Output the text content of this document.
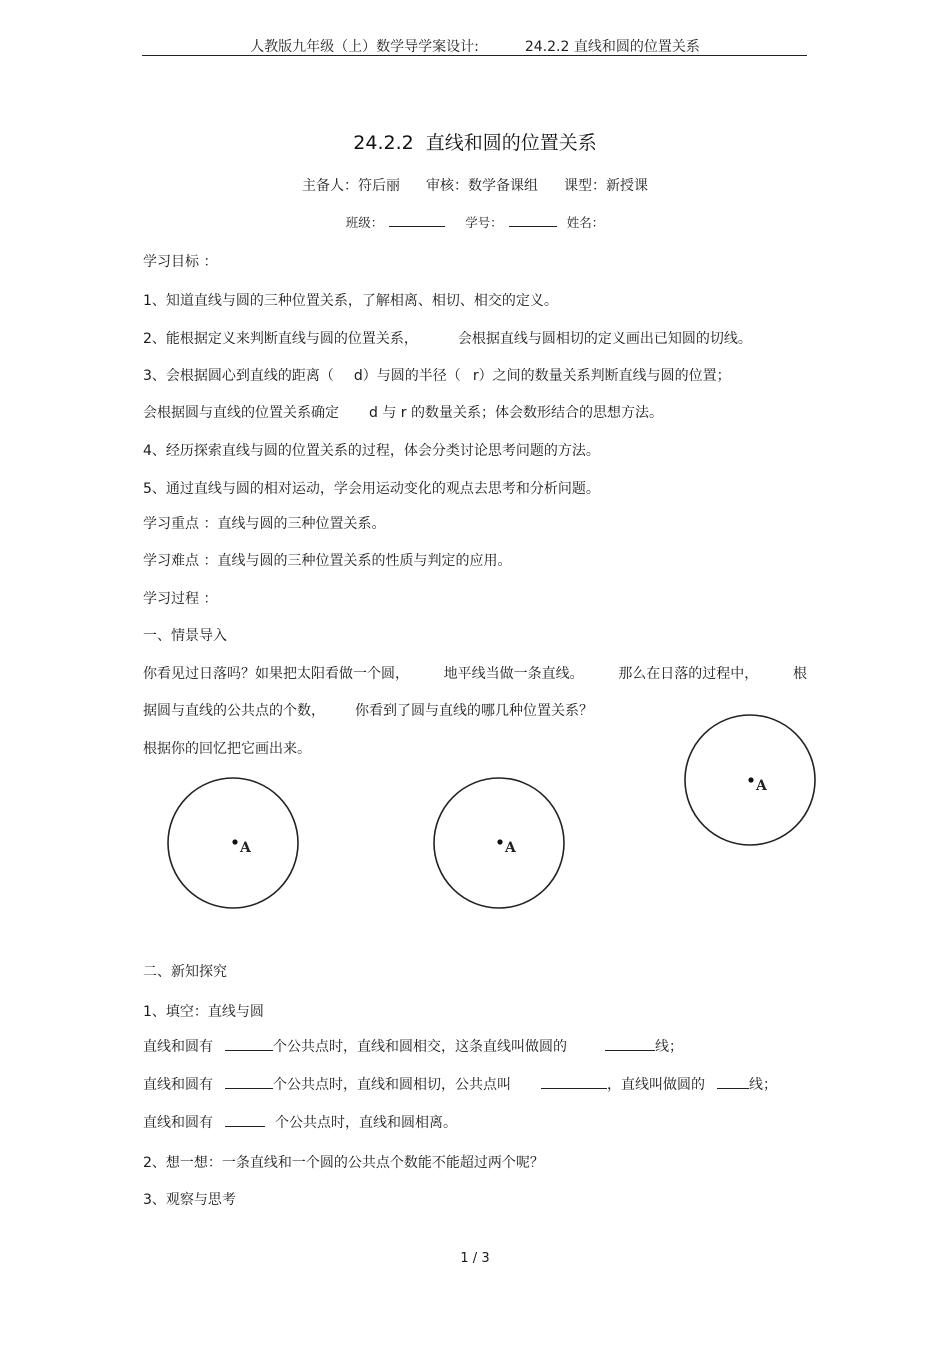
人教版九年级（上）数学导学案设计:	24.2.2 直线和圆的位置关系
24.2.2 直线和圆的位置关系
主备人：符后丽 审核：数学备课组 课型：新授课
班级：	学号：	姓名：
学习目标 ：
1、知道直线与圆的三种位置关系，了解相离、相切、相交的定义。
2、能根据定义来判断直线与圆的位置关系，	会根据直线与圆相切的定义画出已知圆的切线。
3、会根据圆心到直线的距离（ d）与圆的半径（ r）之间的数量关系判断直线与圆的位置；
会根据圆与直线的位置关系确定 d 与 r 的数量关系；体会数形结合的思想方法。
4、经历探索直线与圆的位置关系的过程，体会分类讨论思考问题的方法。
5、通过直线与圆的相对运动，学会用运动变化的观点去思考和分析问题。
学习重点 ：直线与圆的三种位置关系。
学习难点 ：直线与圆的三种位置关系的性质与判定的应用。
学习过程 ：
一、情景导入
你看见过日落吗？如果把太阳看做一个圆， 地平线当做一条直线。 那么在日落的过程中， 根
据圆与直线的公共点的个数， 你看到了圆与直线的哪几种位置关系？
根据你的回忆把它画出来。
A
A	A
二、新知探究
1、填空：直线与圆
直线和圆有	个公共点时，直线和圆相交，这条直线叫做圆的	线；
直线和圆有	个公共点时，直线和圆相切，公共点叫	，直线叫做圆的	线；
直线和圆有	个公共点时，直线和圆相离。
2、想一想：一条直线和一个圆的公共点个数能不能超过两个呢？
3、观察与思考
1 / 3
